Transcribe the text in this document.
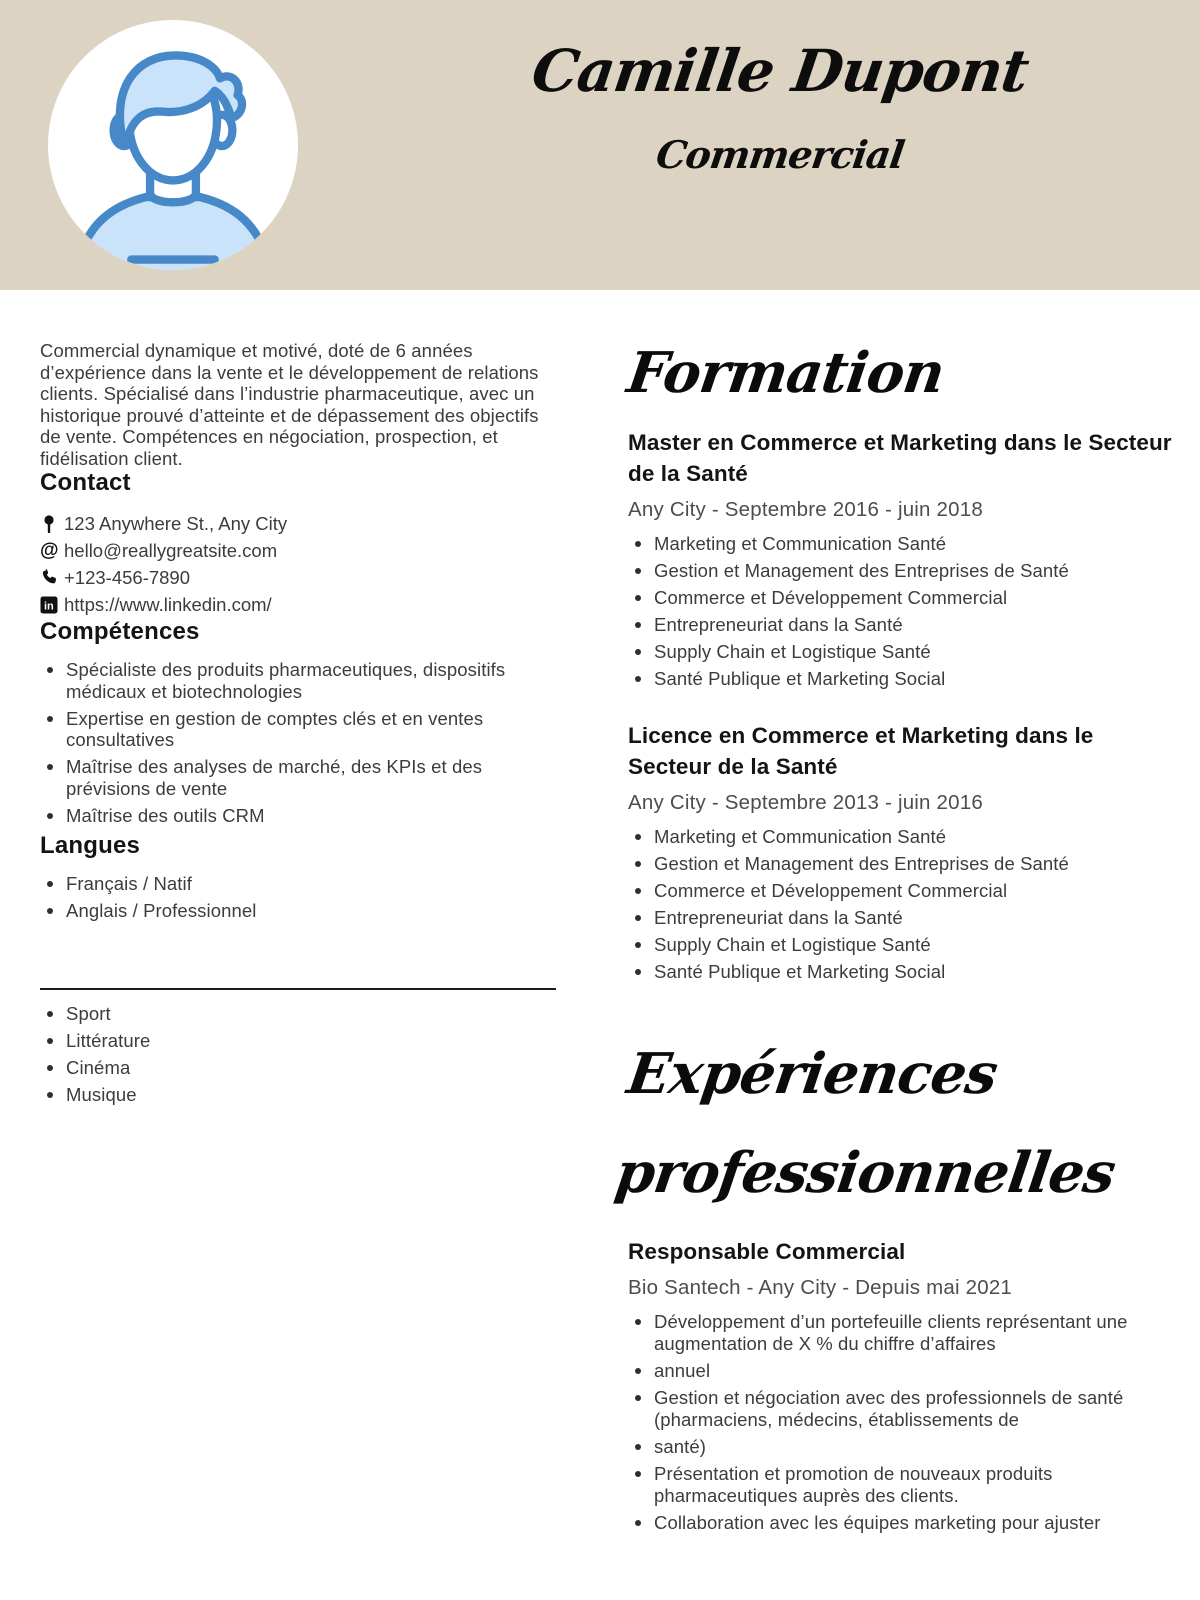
Camille Dupont
Commercial

Commercial dynamique et motivé, doté de 6 années d’expérience dans la vente et le développement de relations clients. Spécialisé dans l’industrie pharmaceutique, avec un historique prouvé d’atteinte et de dépassement des objectifs de vente. Compétences en négociation, prospection, et fidélisation client.

Contact
123 Anywhere St., Any City
@ hello@reallygreatsite.com
+123-456-7890
in https://www.linkedin.com/
Compétences
Spécialiste des produits pharmaceutiques, dispositifs médicaux et biotechnologies
Expertise en gestion de comptes clés et en ventes consultatives
Maîtrise des analyses de marché, des KPIs et des prévisions de vente
Maîtrise des outils CRM
Langues
Français / Natif
Anglais / Professionnel
Sport
Littérature
Cinéma
Musique
Formation
Master en Commerce et Marketing dans le Secteur de la Santé

Any City - Septembre 2016 - juin 2018

Marketing et Communication Santé
Gestion et Management des Entreprises de Santé
Commerce et Développement Commercial
Entrepreneuriat dans la Santé
Supply Chain et Logistique Santé
Santé Publique et Marketing Social
Licence en Commerce et Marketing dans le Secteur de la Santé

Any City - Septembre 2013 - juin 2016

Marketing et Communication Santé
Gestion et Management des Entreprises de Santé
Commerce et Développement Commercial
Entrepreneuriat dans la Santé
Supply Chain et Logistique Santé
Santé Publique et Marketing Social
Expériences
professionnelles
Responsable Commercial

Bio Santech - Any City - Depuis mai 2021

Développement d’un portefeuille clients représentant une augmentation de X % du chiffre d’affaires
annuel
Gestion et négociation avec des professionnels de santé (pharmaciens, médecins, établissements de
santé)
Présentation et promotion de nouveaux produits pharmaceutiques auprès des clients.
Collaboration avec les équipes marketing pour ajuster
